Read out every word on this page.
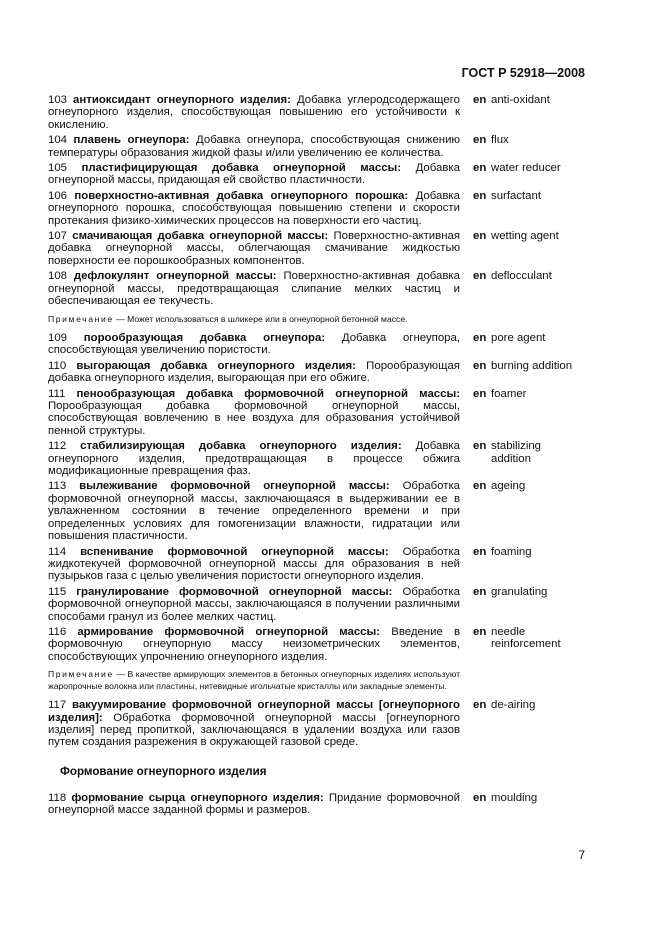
ГОСТ Р 52918—2008
103 антиоксидант огнеупорного изделия: Добавка углеродсодержащего огнеупорного изделия, способствующая повышению его устойчивости к окислению.
en anti-oxidant
104 плавень огнеупора: Добавка огнеупора, способствующая снижению температуры образования жидкой фазы и/или увеличению ее количества.
en flux
105 пластифицирующая добавка огнеупорной массы: Добавка огнеупорной массы, придающая ей свойство пластичности.
en water reducer
106 поверхностно-активная добавка огнеупорного порошка: Добавка огнеупорного порошка, способствующая повышению степени и скорости протекания физико-химических процессов на поверхности его частиц.
en surfactant
107 смачивающая добавка огнеупорной массы: Поверхностно-активная добавка огнеупорной массы, облегчающая смачивание жидкостью поверхности ее порошкообразных компонентов.
en wetting agent
108 дефлокулянт огнеупорной массы: Поверхностно-активная добавка огнеупорной массы, предотвращающая слипание мелких частиц и обеспечивающая ее текучесть.
en deflocculant
Примечание — Может использоваться в шликере или в огнеупорной бетонной массе.
109 порообразующая добавка огнеупора: Добавка огнеупора, способствующая увеличению пористости.
en pore agent
110 выгорающая добавка огнеупорного изделия: Порообразующая добавка огнеупорного изделия, выгорающая при его обжиге.
en burning addition
111 пенообразующая добавка формовочной огнеупорной массы: Порообразующая добавка формовочной огнеупорной массы, способствующая вовлечению в нее воздуха для образования устойчивой пенной структуры.
en foamer
112 стабилизирующая добавка огнеупорного изделия: Добавка огнеупорного изделия, предотвращающая в процессе обжига модификационные превращения фаз.
en stabilizing addition
113 вылеживание формовочной огнеупорной массы: Обработка формовочной огнеупорной массы, заключающаяся в выдерживании ее в увлажненном состоянии в течение определенного времени и при определенных условиях для гомогенизации влажности, гидратации или повышения пластичности.
en ageing
114 вспенивание формовочной огнеупорной массы: Обработка жидкотекучей формовочной огнеупорной массы для образования в ней пузырьков газа с целью увеличения пористости огнеупорного изделия.
en foaming
115 гранулирование формовочной огнеупорной массы: Обработка формовочной огнеупорной массы, заключающаяся в получении различными способами гранул из более мелких частиц.
en granulating
116 армирование формовочной огнеупорной массы: Введение в формовочную огнеупорную массу неизометрических элементов, способствующих упрочнению огнеупорного изделия.
en needle reinforcement
Примечание — В качестве армирующих элементов в бетонных огнеупорных изделиях используют жаропрочные волокна или пластины, нитевидные игольчатые кристаллы или закладные элементы.
117 вакуумирование формовочной огнеупорной массы [огнеупорного изделия]: Обработка формовочной огнеупорной массы [огнеупорного изделия] перед пропиткой, заключающаяся в удалении воздуха или газов путем создания разрежения в окружающей газовой среде.
en de-airing
Формование огнеупорного изделия
118 формование сырца огнеупорного изделия: Придание формовочной огнеупорной массе заданной формы и размеров.
en moulding
7
